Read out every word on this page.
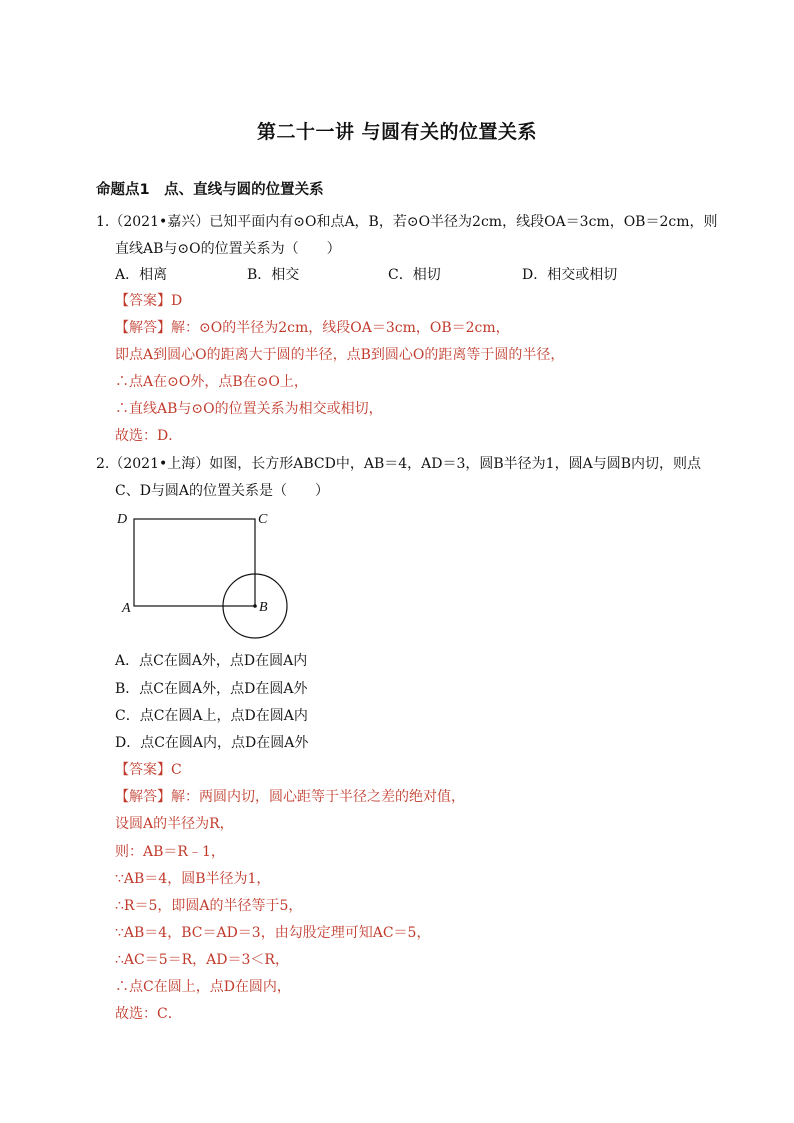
第二十一讲 与圆有关的位置关系
命题点1　点、直线与圆的位置关系
1.（2021•嘉兴）已知平面内有⊙O和点A，B，若⊙O半径为2cm，线段OA＝3cm，OB＝2cm，则
直线AB与⊙O的位置关系为（　　）
A．相离	B．相交	C．相切	D．相交或相切
【答案】D
【解答】解：⊙O的半径为2cm，线段OA＝3cm，OB＝2cm，
即点A到圆心O的距离大于圆的半径，点B到圆心O的距离等于圆的半径，
∴点A在⊙O外，点B在⊙O上，
∴直线AB与⊙O的位置关系为相交或相切，
故选：D．
2.（2021•上海）如图，长方形ABCD中，AB＝4，AD＝3，圆B半径为1，圆A与圆B内切，则点
C、D与圆A的位置关系是（　　）
D	C
A	B
A．点C在圆A外，点D在圆A内
B．点C在圆A外，点D在圆A外
C．点C在圆A上，点D在圆A内
D．点C在圆A内，点D在圆A外
【答案】C
【解答】解：两圆内切，圆心距等于半径之差的绝对值，
设圆A的半径为R，
则：AB＝R﹣1，
∵AB＝4，圆B半径为1，
∴R＝5，即圆A的半径等于5，
∵AB＝4，BC＝AD＝3，由勾股定理可知AC＝5，
∴AC＝5＝R，AD＝3＜R，
∴点C在圆上，点D在圆内，
故选：C．
